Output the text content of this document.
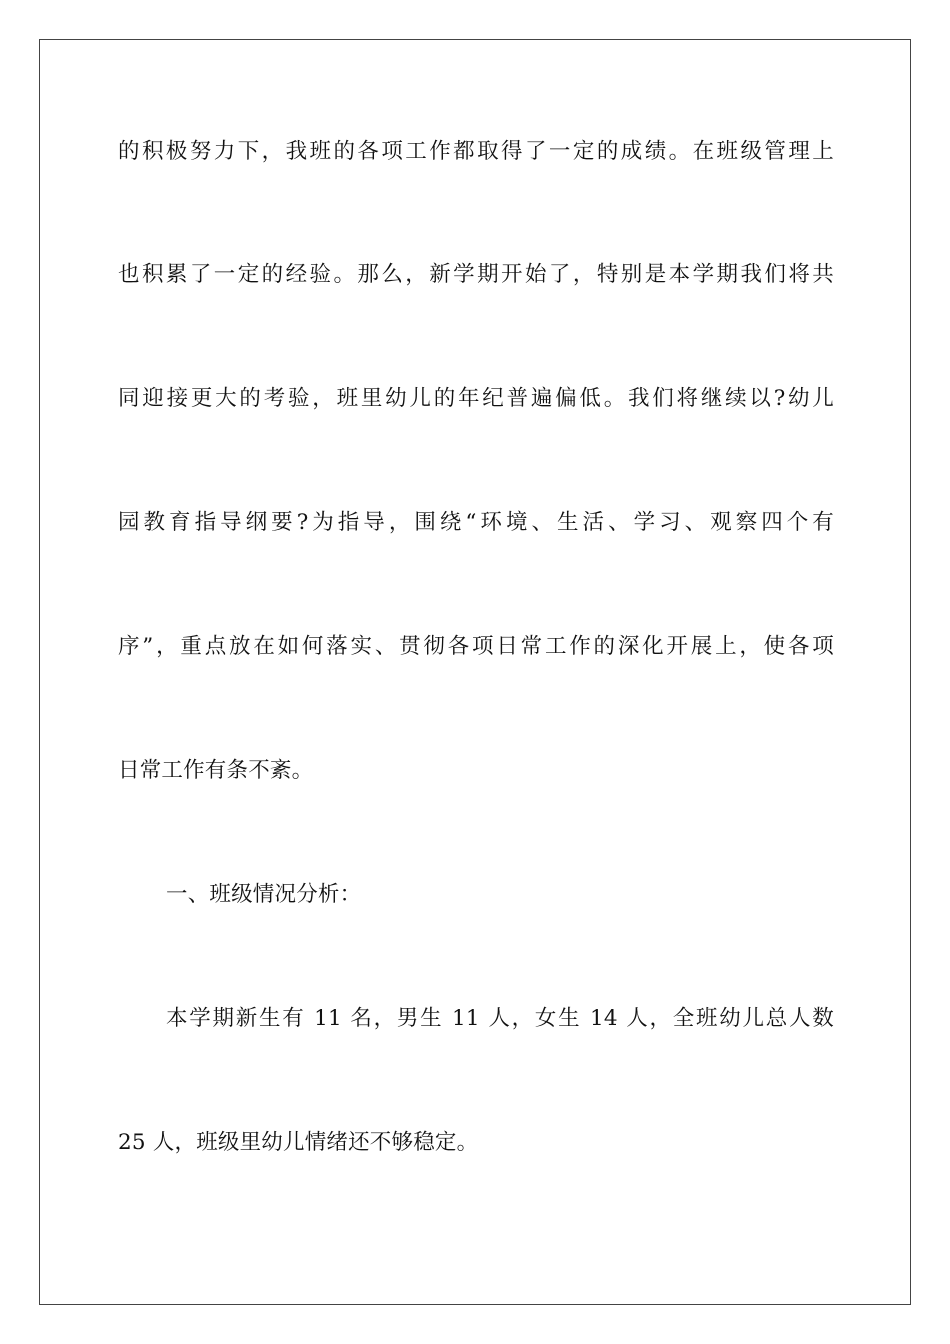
的积极努力下，我班的各项工作都取得了一定的成绩。在班级管理上
也积累了一定的经验。那么，新学期开始了，特别是本学期我们将共
同迎接更大的考验，班里幼儿的年纪普遍偏低。我们将继续以?幼儿
园教育指导纲要?为指导，围绕“环境、生活、学习、观察四个有
序”，重点放在如何落实、贯彻各项日常工作的深化开展上，使各项
日常工作有条不紊。
一、班级情况分析：
本学期新生有 11 名，男生 11 人，女生 14 人，全班幼儿总人数
25 人，班级里幼儿情绪还不够稳定。
